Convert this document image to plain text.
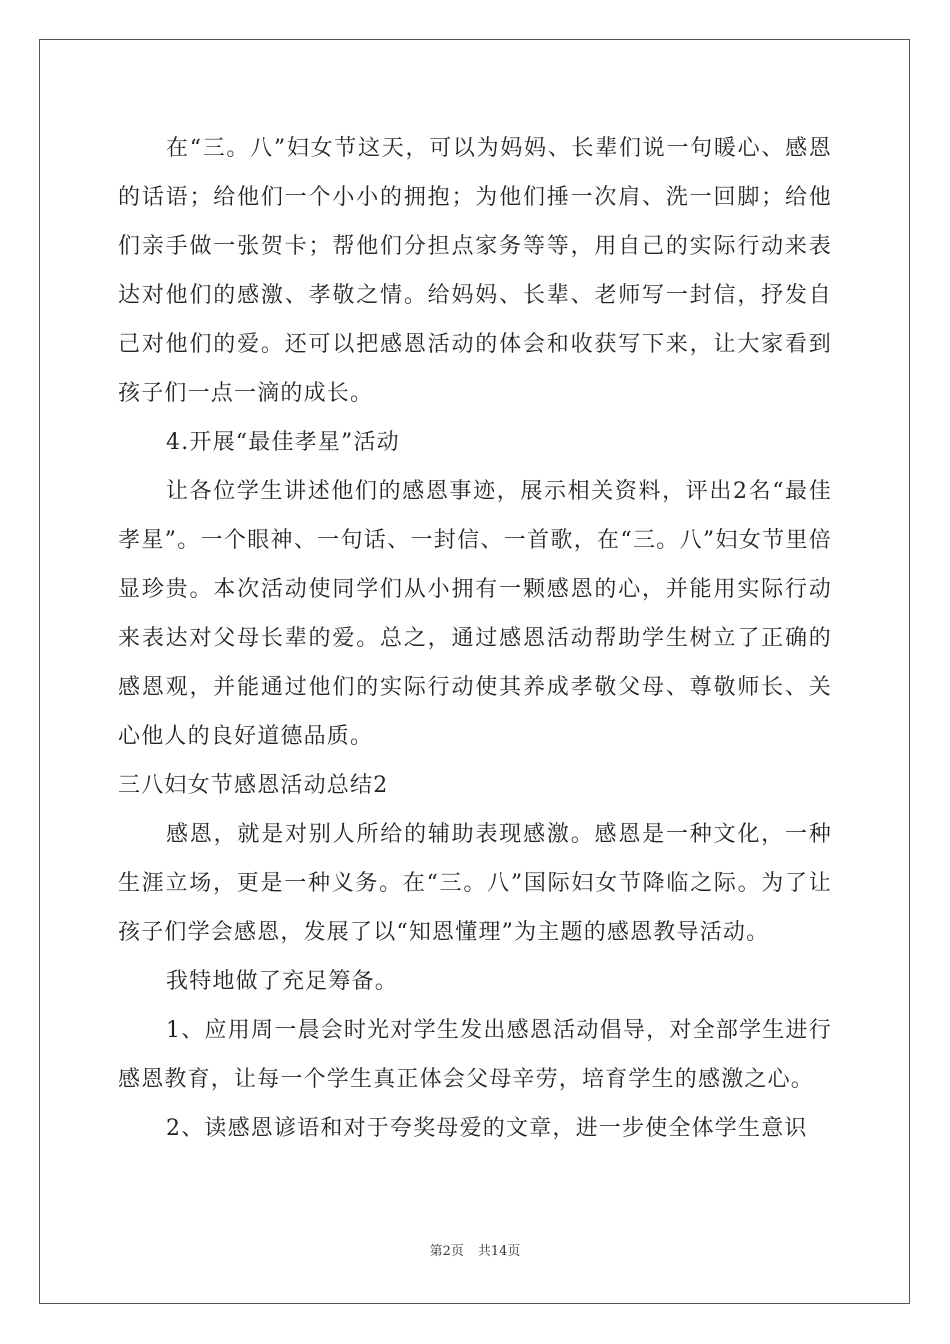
在“三。八”妇女节这天，可以为妈妈、长辈们说一句暖心、感恩的话语；给他们一个小小的拥抱；为他们捶一次肩、洗一回脚；给他们亲手做一张贺卡；帮他们分担点家务等等，用自己的实际行动来表达对他们的感激、孝敬之情。给妈妈、长辈、老师写一封信，抒发自己对他们的爱。还可以把感恩活动的体会和收获写下来，让大家看到孩子们一点一滴的成长。

4.开展“最佳孝星”活动

让各位学生讲述他们的感恩事迹，展示相关资料，评出2名“最佳孝星”。一个眼神、一句话、一封信、一首歌，在“三。八”妇女节里倍显珍贵。本次活动使同学们从小拥有一颗感恩的心，并能用实际行动来表达对父母长辈的爱。总之，通过感恩活动帮助学生树立了正确的感恩观，并能通过他们的实际行动使其养成孝敬父母、尊敬师长、关心他人的良好道德品质。

三八妇女节感恩活动总结2

感恩，就是对别人所给的辅助表现感激。感恩是一种文化，一种生涯立场，更是一种义务。在“三。八”国际妇女节降临之际。为了让孩子们学会感恩，发展了以“知恩懂理”为主题的感恩教导活动。

我特地做了充足筹备。

1、应用周一晨会时光对学生发出感恩活动倡导，对全部学生进行感恩教育，让每一个学生真正体会父母辛劳，培育学生的感激之心。

2、读感恩谚语和对于夸奖母爱的文章，进一步使全体学生意识

第2页 共14页
